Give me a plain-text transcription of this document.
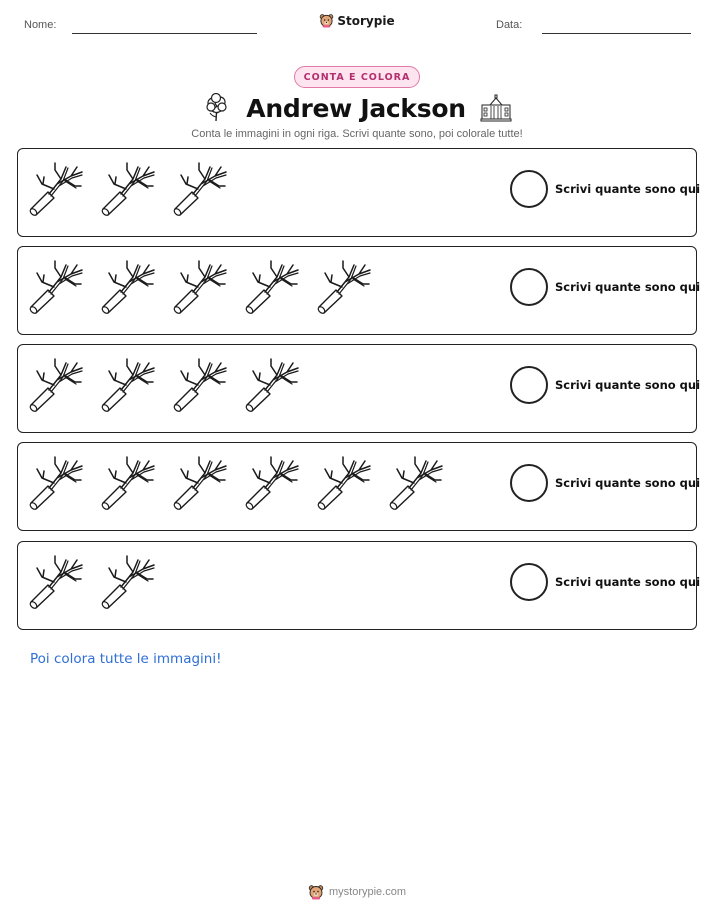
Nome:	Storypie	Data:
CONTA E COLORA
Andrew Jackson
Conta le immagini in ogni riga. Scrivi quante sono, poi colorale tutte!
Scrivi quante sono qui
Scrivi quante sono qui
Scrivi quante sono qui
Scrivi quante sono qui
Scrivi quante sono qui
Poi colora tutte le immagini!
mystorypie.com
